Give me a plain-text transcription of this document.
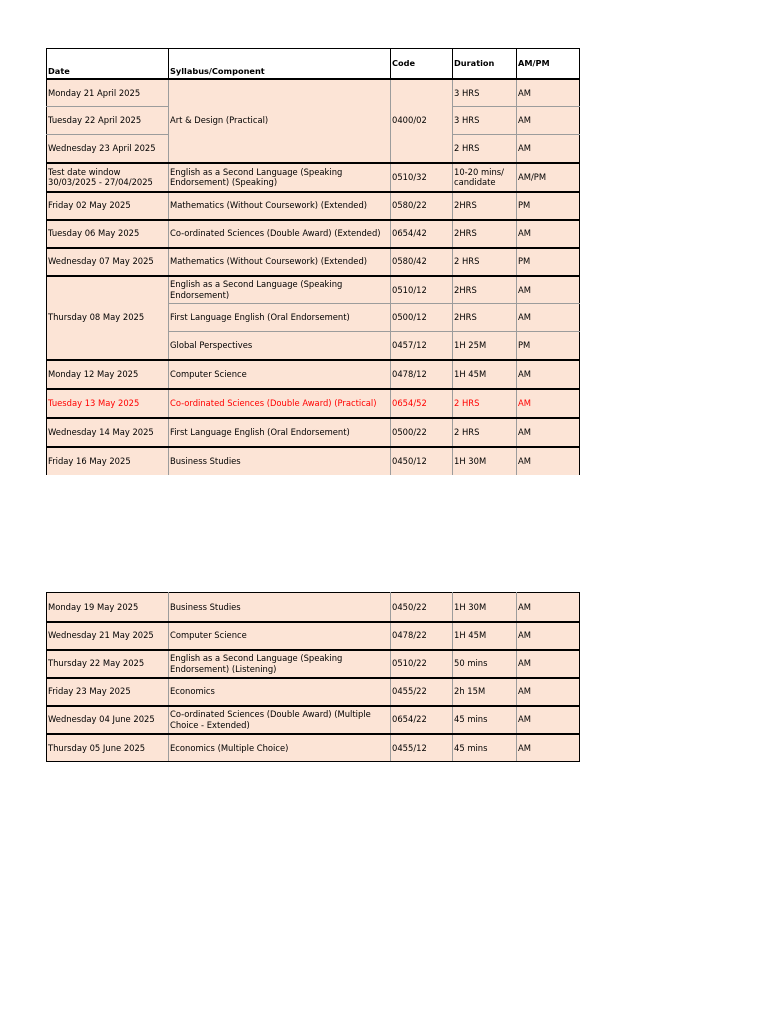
Date	Syllabus/Component	Code	Duration	AM/PM
Monday 21 April 2025	Art & Design (Practical)	0400/02	3 HRS	AM
Tuesday 22 April 2025			3 HRS	AM
Wednesday 23 April 2025			2 HRS	AM
Test date window 30/03/2025 - 27/04/2025	English as a Second Language (Speaking Endorsement) (Speaking)	0510/32	10-20 mins/ candidate	AM/PM
Friday 02 May 2025	Mathematics (Without Coursework) (Extended)	0580/22	2HRS	PM
Tuesday 06 May 2025	Co-ordinated Sciences (Double Award) (Extended)	0654/42	2HRS	AM
Wednesday 07 May 2025	Mathematics (Without Coursework) (Extended)	0580/42	2 HRS	PM
Thursday 08 May 2025	English as a Second Language (Speaking Endorsement)	0510/12	2HRS	AM
	First Language English (Oral Endorsement)	0500/12	2HRS	AM
	Global Perspectives	0457/12	1H 25M	PM
Monday 12 May 2025	Computer Science	0478/12	1H 45M	AM
Tuesday 13 May 2025	Co-ordinated Sciences (Double Award) (Practical)	0654/52	2 HRS	AM
Wednesday 14 May 2025	First Language English (Oral Endorsement)	0500/22	2 HRS	AM
Friday 16 May 2025	Business Studies	0450/12	1H 30M	AM
Monday 19 May 2025	Business Studies	0450/22	1H 30M	AM
Wednesday 21 May 2025	Computer Science	0478/22	1H 45M	AM
Thursday 22 May 2025	English as a Second Language (Speaking Endorsement) (Listening)	0510/22	50 mins	AM
Friday 23 May 2025	Economics	0455/22	2h 15M	AM
Wednesday 04 June 2025	Co-ordinated Sciences (Double Award) (Multiple Choice - Extended)	0654/22	45 mins	AM
Thursday 05 June 2025	Economics (Multiple Choice)	0455/12	45 mins	AM
